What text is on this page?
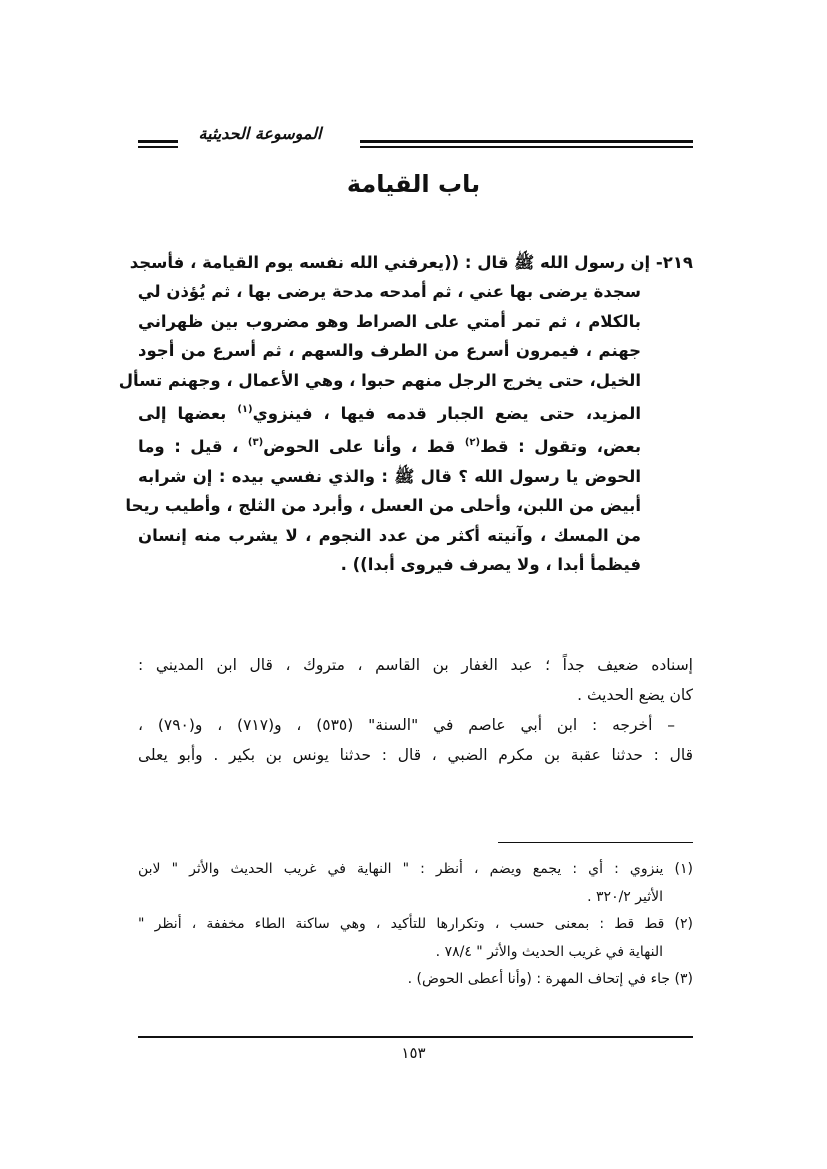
الموسوعة الحديثية
باب القيامة
٢١٩- إن رسول الله ﷺ قال : ((يعرفني الله نفسه يوم القيامة ، فأسجد
سجدة يرضى بها عني ، ثم أمدحه مدحة يرضى بها ، ثم يُؤذن لي
بالكلام ، ثم تمر أمتي على الصراط وهو مضروب بين ظهراني
جهنم ، فيمرون أسرع من الطرف والسهم ، ثم أسرع من أجود
الخيل، حتى يخرج الرجل منهم حبوا ، وهي الأعمال ، وجهنم تسأل
المزيد، حتى يضع الجبار قدمه فيها ، فينزوي$^{(١)}$ بعضها إلى
بعض، وتقول : قط$^{(٢)}$ قط ، وأنا على الحوض$^{(٣)}$ ، قيل : وما
الحوض يا رسول الله ؟ قال ﷺ : والذي نفسي بيده : إن شرابه
أبيض من اللبن، وأحلى من العسل ، وأبرد من الثلج ، وأطيب ريحا
من المسك ، وآنيته أكثر من عدد النجوم ، لا يشرب منه إنسان
فيظمأ أبدا ، ولا يصرف فيروى أبدا)) .
إسناده ضعيف جداً ؛ عبد الغفار بن القاسم ، متروك ، قال ابن المديني :
كان يضع الحديث .
– أخرجه : ابن أبي عاصم في "السنة" (٥٣٥) ، و(٧١٧) ، و(٧٩٠) ،
قال : حدثنا عقبة بن مكرم الضبي ، قال : حدثنا يونس بن بكير . وأبو يعلى
(١) ينزوي : أي : يجمع ويضم ، أنظر : " النهاية في غريب الحديث والأثر " لابن
الأثير ٣٢٠/٢ .
(٢) قط قط : بمعنى حسب ، وتكرارها للتأكيد ، وهي ساكنة الطاء مخففة ، أنظر "
النهاية في غريب الحديث والأثر " ٧٨/٤ .
(٣) جاء في إتحاف المهرة : (وأنا أعطى الحوض) .
١٥٣
